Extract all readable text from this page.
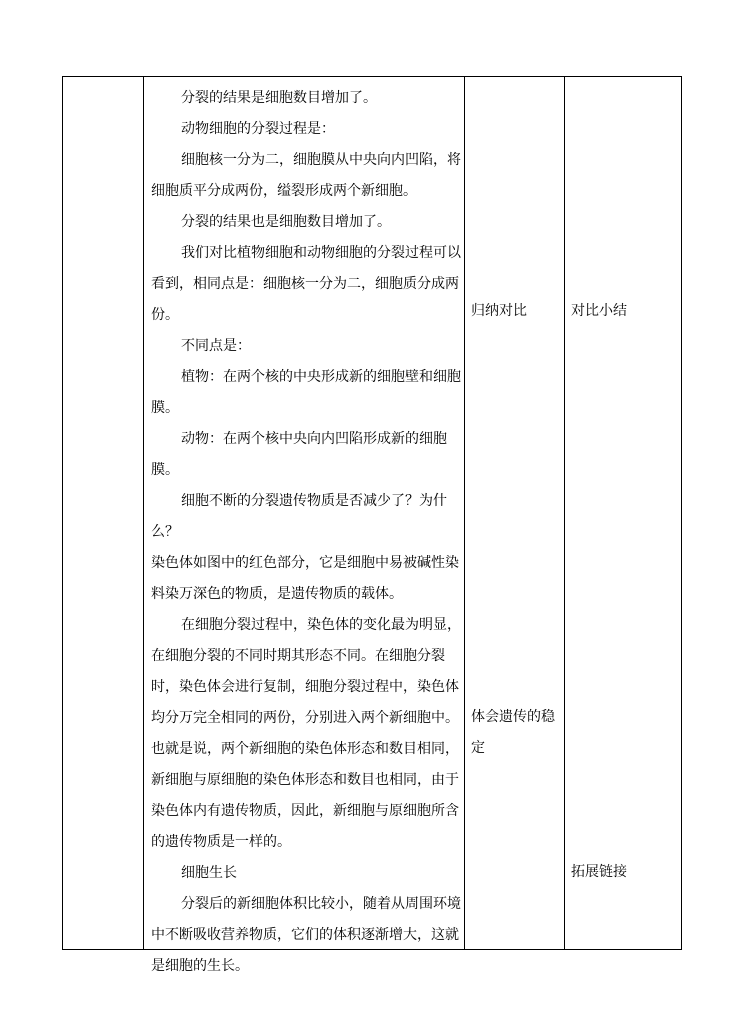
分裂的结果是细胞数目增加了。

动物细胞的分裂过程是：

细胞核一分为二，细胞膜从中央向内凹陷，将细胞质平分成两份，缢裂形成两个新细胞。

分裂的结果也是细胞数目增加了。

我们对比植物细胞和动物细胞的分裂过程可以看到，相同点是：细胞核一分为二，细胞质分成两份。

不同点是：

植物：在两个核的中央形成新的细胞壁和细胞膜。

动物：在两个核中央向内凹陷形成新的细胞膜。

细胞不断的分裂遗传物质是否减少了？为什么？

染色体如图中的红色部分，它是细胞中易被碱性染料染万深色的物质，是遗传物质的载体。

在细胞分裂过程中，染色体的变化最为明显，在细胞分裂的不同时期其形态不同。在细胞分裂时，染色体会进行复制，细胞分裂过程中，染色体均分万完全相同的两份，分别进入两个新细胞中。也就是说，两个新细胞的染色体形态和数目相同，新细胞与原细胞的染色体形态和数目也相同，由于染色体内有遗传物质，因此，新细胞与原细胞所含的遗传物质是一样的。

细胞生长

分裂后的新细胞体积比较小，随着从周围环境中不断吸收营养物质，它们的体积逐渐增大，这就是细胞的生长。

归纳对比
体会遗传的稳定
对比小结
拓展链接
